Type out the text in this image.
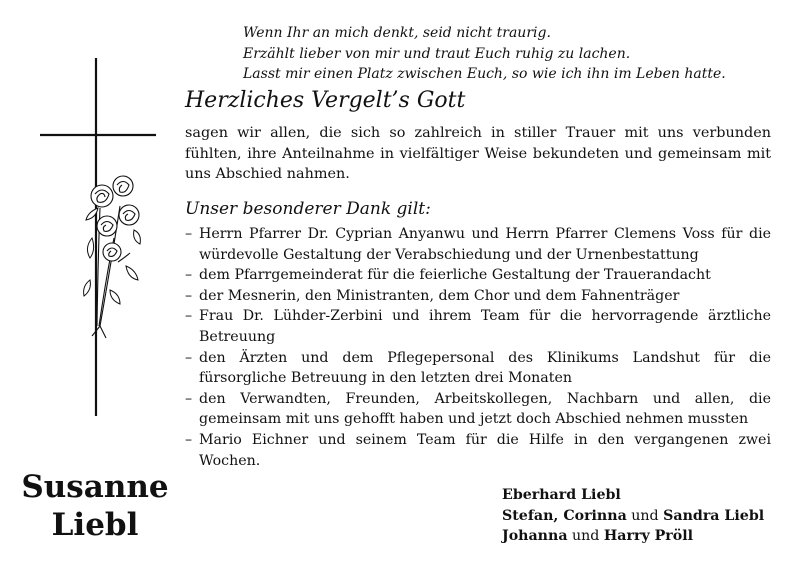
Wenn Ihr an mich denkt, seid nicht traurig.
Erzählt lieber von mir und traut Euch ruhig zu lachen.
Lasst mir einen Platz zwischen Euch, so wie ich ihn im Leben hatte.
Herzliches Vergelt’s Gott
sagen wir allen, die sich so zahlreich in stiller Trauer mit uns verbunden fühlten, ihre Anteilnahme in vielfältiger Weise bekundeten und gemeinsam mit uns Abschied nahmen.
Unser besonderer Dank gilt:
– Herrn Pfarrer Dr. Cyprian Anyanwu und Herrn Pfarrer Clemens Voss für die würdevolle Gestaltung der Verabschiedung und der Urnenbestattung
– dem Pfarrgemeinderat für die feierliche Gestaltung der Trauerandacht
– der Mesnerin, den Ministranten, dem Chor und dem Fahnenträger
– Frau Dr. Lühder-Zerbini und ihrem Team für die hervorragende ärztliche Betreuung
– den Ärzten und dem Pflegepersonal des Klinikums Landshut für die fürsorgliche Betreuung in den letzten drei Monaten
– den Verwandten, Freunden, Arbeitskollegen, Nachbarn und allen, die gemeinsam mit uns gehofft haben und jetzt doch Abschied nehmen mussten
– Mario Eichner und seinem Team für die Hilfe in den vergangenen zwei Wochen.
Susanne
Liebl
Eberhard Liebl
Stefan, Corinna und Sandra Liebl
Johanna und Harry Pröll
